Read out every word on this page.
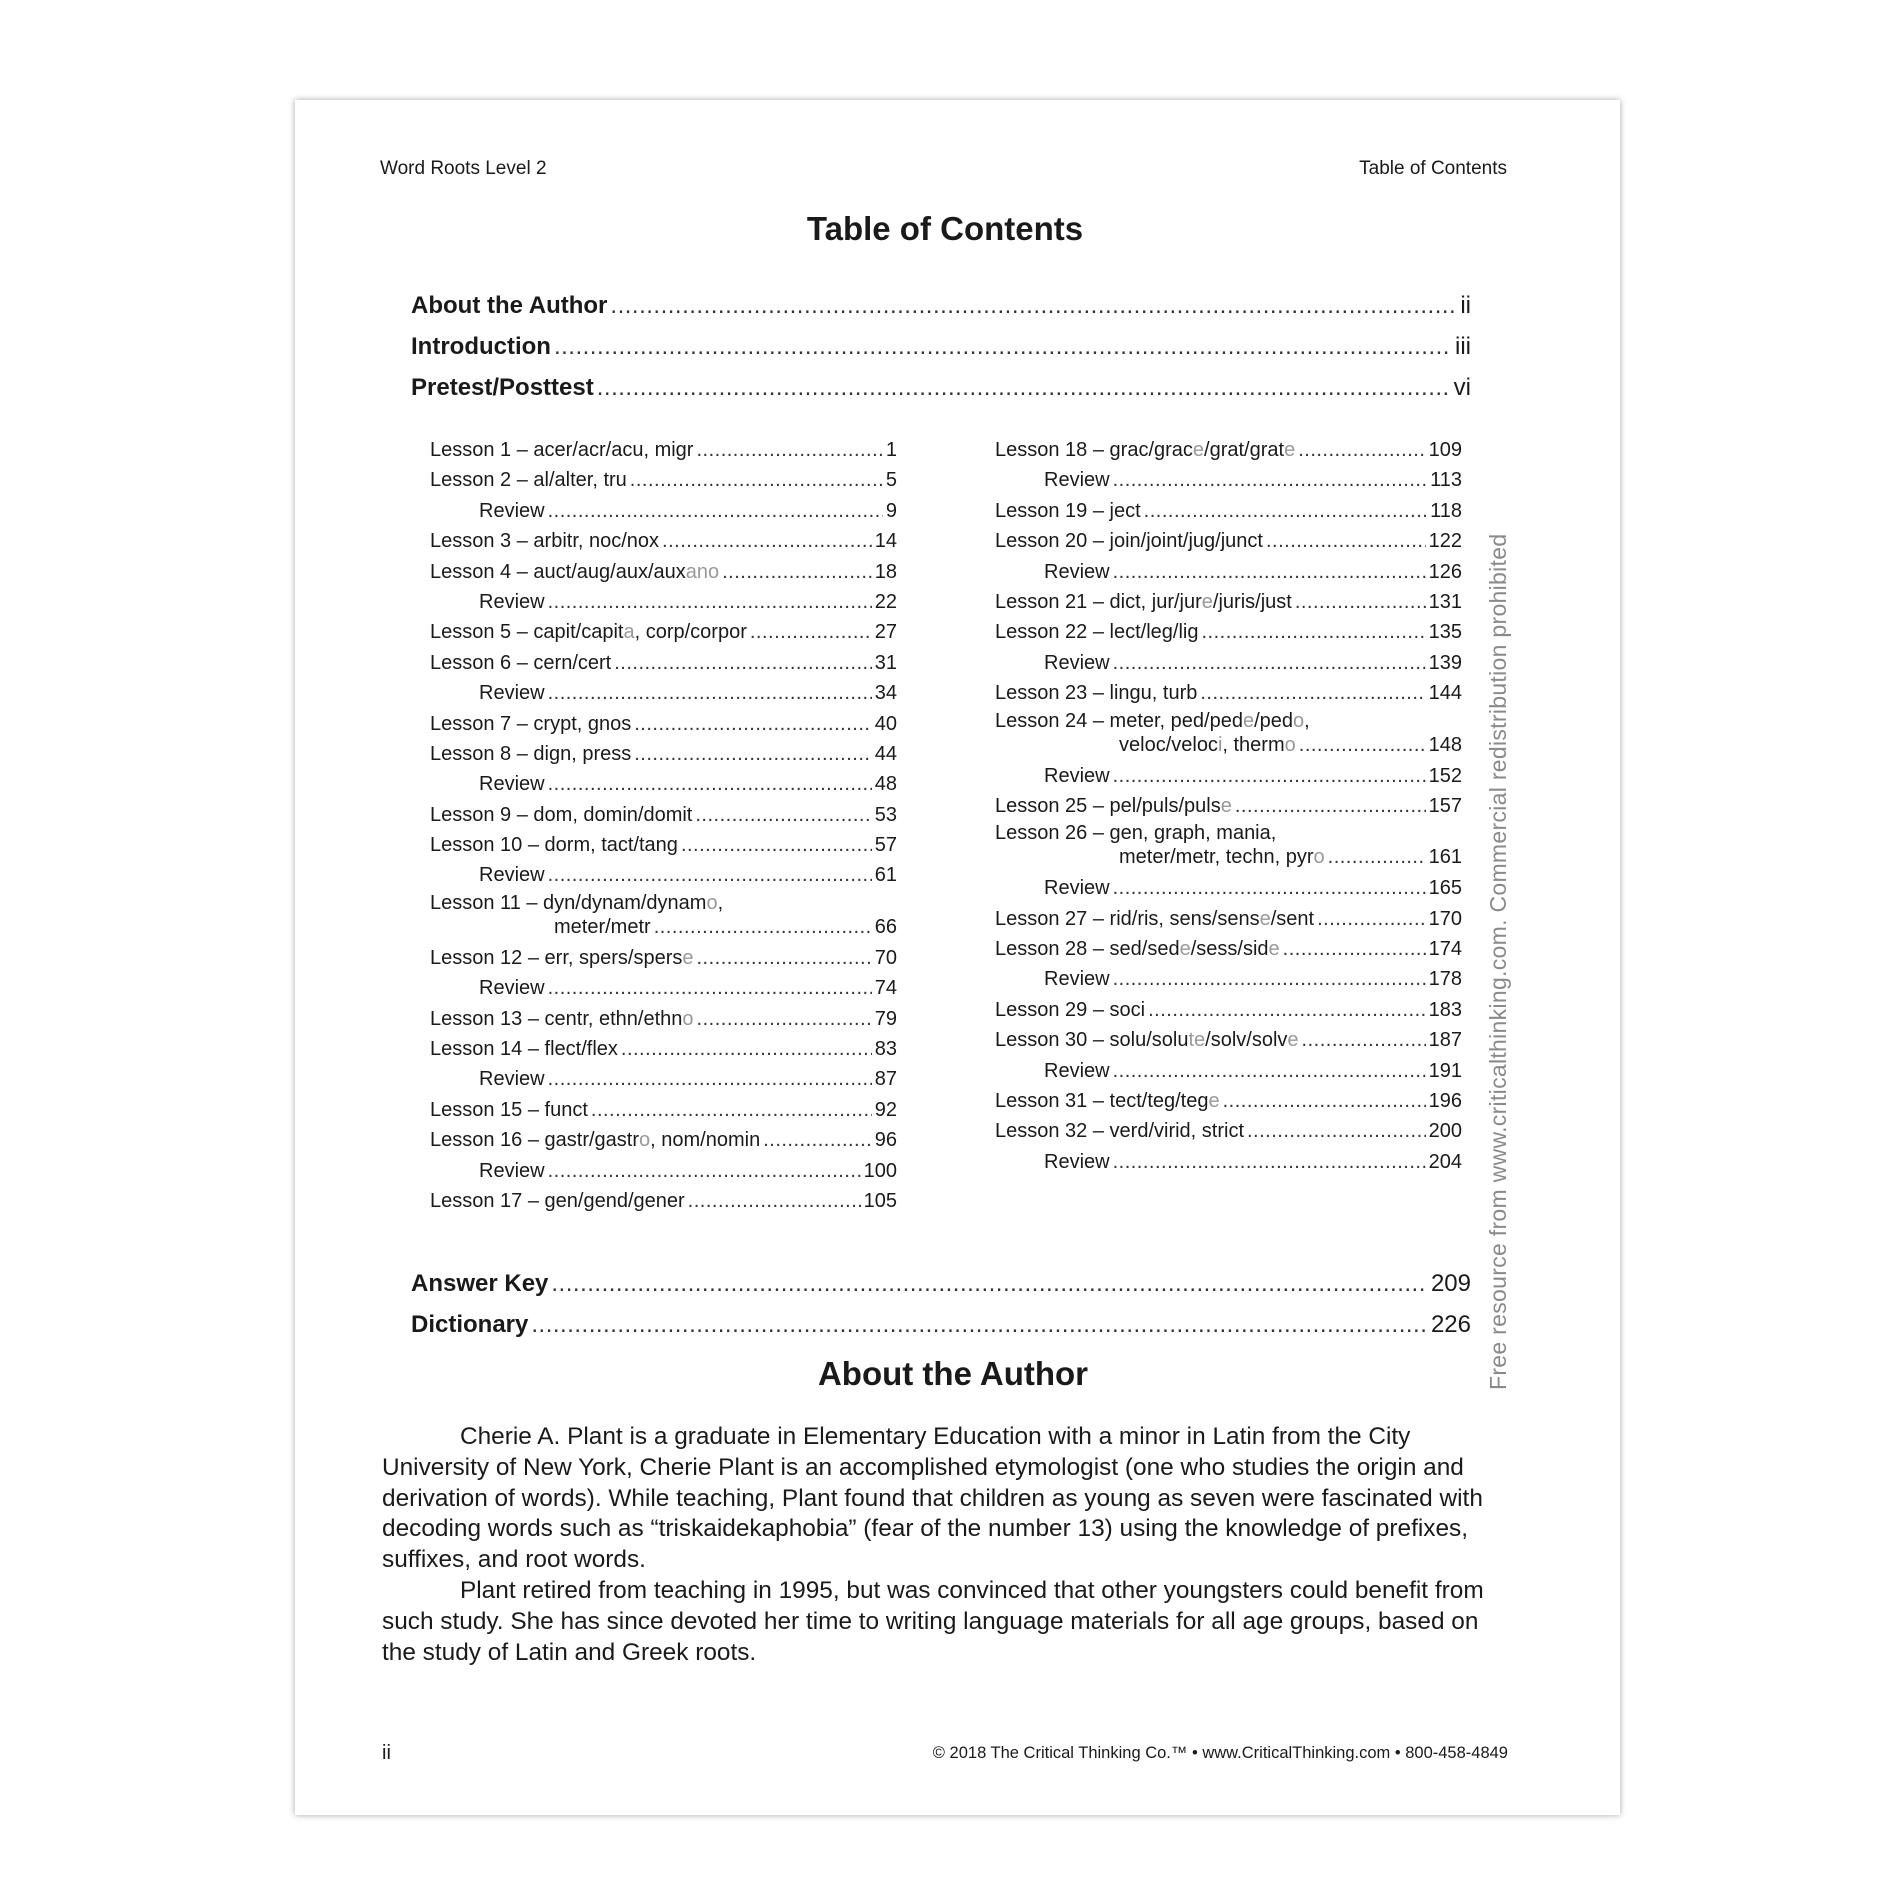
Word Roots Level 2	Table of Contents
Table of Contents
About the Author .....	ii
Introduction .....	iii
Pretest/Posttest .....	vi
Lesson 1 – acer/acr/acu, migr .....	1
Lesson 2 – al/alter, tru .....	5
Review .....	9
Lesson 3 – arbitr, noc/nox .....	14
Lesson 4 – auct/aug/aux/auxano .....	18
Review .....	22
Lesson 5 – capit/capita, corp/corpor .....	27
Lesson 6 – cern/cert .....	31
Review .....	34
Lesson 7 – crypt, gnos .....	40
Lesson 8 – dign, press .....	44
Review .....	48
Lesson 9 – dom, domin/domit .....	53
Lesson 10 – dorm, tact/tang .....	57
Review .....	61
Lesson 11 – dyn/dynam/dynamo,
meter/metr .....	66
Lesson 12 – err, spers/sperse .....	70
Review .....	74
Lesson 13 – centr, ethn/ethno .....	79
Lesson 14 – flect/flex .....	83
Review .....	87
Lesson 15 – funct .....	92
Lesson 16 – gastr/gastro, nom/nomin .....	96
Review .....	100
Lesson 17 – gen/gend/gener .....	105
Lesson 18 – grac/grace/grat/grate .....	109
Review .....	113
Lesson 19 – ject .....	118
Lesson 20 – join/joint/jug/junct .....	122
Review .....	126
Lesson 21 – dict, jur/jure/juris/just .....	131
Lesson 22 – lect/leg/lig .....	135
Review .....	139
Lesson 23 – lingu, turb .....	144
Lesson 24 – meter, ped/pede/pedo,
veloc/veloci, thermo .....	148
Review .....	152
Lesson 25 – pel/puls/pulse .....	157
Lesson 26 – gen, graph, mania,
meter/metr, techn, pyro .....	161
Review .....	165
Lesson 27 – rid/ris, sens/sense/sent .....	170
Lesson 28 – sed/sede/sess/side .....	174
Review .....	178
Lesson 29 – soci .....	183
Lesson 30 – solu/solute/solv/solve .....	187
Review .....	191
Lesson 31 – tect/teg/tege .....	196
Lesson 32 – verd/virid, strict .....	200
Review .....	204
Answer Key .....	209
Dictionary .....	226
About the Author

Cherie A. Plant is a graduate in Elementary Education with a minor in Latin from the City University of New York, Cherie Plant is an accomplished etymologist (one who studies the origin and derivation of words). While teaching, Plant found that children as young as seven were fascinated with decoding words such as “triskaidekaphobia” (fear of the number 13) using the knowledge of prefixes, suffixes, and root words.

Plant retired from teaching in 1995, but was convinced that other youngsters could benefit from such study. She has since devoted her time to writing language materials for all age groups, based on the study of Latin and Greek roots.

ii	© 2018 The Critical Thinking Co.™ • www.CriticalThinking.com • 800-458-4849
Free resource from www.criticalthinking.com. Commercial redistribution prohibited
